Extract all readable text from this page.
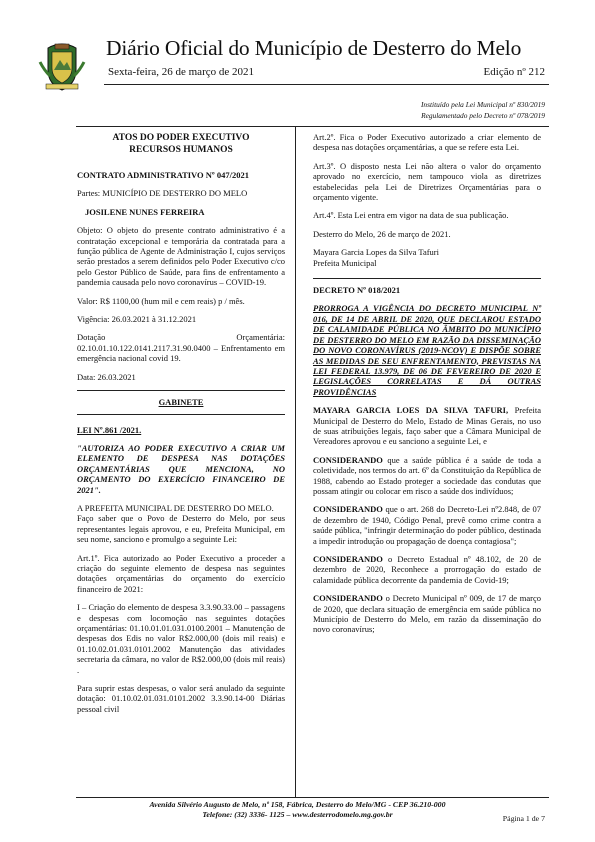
Diário Oficial do Município de Desterro do Melo
Sexta-feira, 26 de março de 2021	Edição nº 212
Instituído pela Lei Municipal nº 830/2019
Regulamentado pelo Decreto nº 078/2019
ATOS DO PODER EXECUTIVO
RECURSOS HUMANOS

CONTRATO ADMINISTRATIVO Nº 047/2021

Partes: MUNICÍPIO DE DESTERRO DO MELO

JOSILENE NUNES FERREIRA

Objeto: O objeto do presente contrato administrativo é a contratação excepcional e temporária da contratada para a função pública de Agente de Administração I, cujos serviços serão prestados a serem definidos pelo Poder Executivo c/co pelo Gestor Público de Saúde, para fins de enfrentamento a pandemia causada pelo novo coronavírus – COVID-19.

Valor: R$ 1100,00 (hum mil e cem reais) p / mês.

Vigência: 26.03.2021 à 31.12.2021

Dotação	Orçamentária:

02.10.01.10.122.0141.2117.31.90.0400 – Enfrentamento em emergência nacional covid 19.

Data: 26.03.2021

GABINETE

LEI Nº.861 /2021.

"AUTORIZA AO PODER EXECUTIVO A CRIAR UM ELEMENTO DE DESPESA NAS DOTAÇÕES ORÇAMENTÁRIAS QUE MENCIONA, NO ORÇAMENTO DO EXERCÍCIO FINANCEIRO DE 2021".

A PREFEITA MUNICIPAL DE DESTERRO DO MELO.

Faço saber que o Povo de Desterro do Melo, por seus representantes legais aprovou, e eu, Prefeita Municipal, em seu nome, sanciono e promulgo a seguinte Lei:

Art.1º. Fica autorizado ao Poder Executivo a proceder a criação do seguinte elemento de despesa nas seguintes dotações orçamentárias do orçamento do exercício financeiro de 2021:

I – Criação do elemento de despesa 3.3.90.33.00 – passagens e despesas com locomoção nas seguintes dotações orçamentárias: 01.10.01.01.031.0100.2001 – Manutenção de despesas dos Edis no valor R$2.000,00 (dois mil reais) e 01.10.02.01.031.0101.2002 Manutenção das atividades secretaria da câmara, no valor de R$2.000,00 (dois mil reais) .

Para suprir estas despesas, o valor será anulado da seguinte dotação: 01.10.02.01.031.0101.2002 3.3.90.14-00 Diárias pessoal civil

Art.2º. Fica o Poder Executivo autorizado a criar elemento de despesa nas dotações orçamentárias, a que se refere esta Lei.

Art.3º. O disposto nesta Lei não altera o valor do orçamento aprovado no exercício, nem tampouco viola as diretrizes estabelecidas pela Lei de Diretrizes Orçamentárias para o orçamento vigente.

Art.4º. Esta Lei entra em vigor na data de sua publicação.

Desterro do Melo, 26 de março de 2021.

Mayara Garcia Lopes da Silva Tafuri
Prefeita Municipal

DECRETO Nº 018/2021

PRORROGA A VIGÊNCIA DO DECRETO MUNICIPAL Nº 016, DE 14 DE ABRIL DE 2020, QUE DECLAROU ESTADO DE CALAMIDADE PÚBLICA NO ÂMBITO DO MUNICÍPIO DE DESTERRO DO MELO EM RAZÃO DA DISSEMINAÇÃO DO NOVO CORONAVÍRUS (2019-NCOV) E DISPÕE SOBRE AS MEDIDAS DE SEU ENFRENTAMENTO, PREVISTAS NA LEI FEDERAL 13.979, DE 06 DE FEVEREIRO DE 2020 E LEGISLAÇÕES CORRELATAS E DÁ OUTRAS PROVIDÊNCIAS

MAYARA GARCIA LOES DA SILVA TAFURI, Prefeita Municipal de Desterro do Melo, Estado de Minas Gerais, no uso de suas atribuições legais, faço saber que a Câmara Municipal de Vereadores aprovou e eu sanciono a seguinte Lei, e

CONSIDERANDO que a saúde pública é a saúde de toda a coletividade, nos termos do art. 6º da Constituição da República de 1988, cabendo ao Estado proteger a sociedade das condutas que possam atingir ou colocar em risco a saúde dos indivíduos;

CONSIDERANDO que o art. 268 do Decreto-Lei nº2.848, de 07 de dezembro de 1940, Código Penal, prevê como crime contra a saúde pública, "infringir determinação do poder público, destinada a impedir introdução ou propagação de doença contagiosa";

CONSIDERANDO o Decreto Estadual nº 48.102, de 20 de dezembro de 2020, Reconhece a prorrogação do estado de calamidade pública decorrente da pandemia de Covid-19;

CONSIDERANDO o Decreto Municipal nº 009, de 17 de março de 2020, que declara situação de emergência em saúde pública no Município de Desterro do Melo, em razão da disseminação do novo coronavírus;

Avenida Silvério Augusto de Melo, nº 158, Fábrica, Desterro do Melo/MG - CEP 36.210-000
Telefone: (32) 3336- 1125 – www.desterrodomelo.mg.gov.br	Página 1 de 7
